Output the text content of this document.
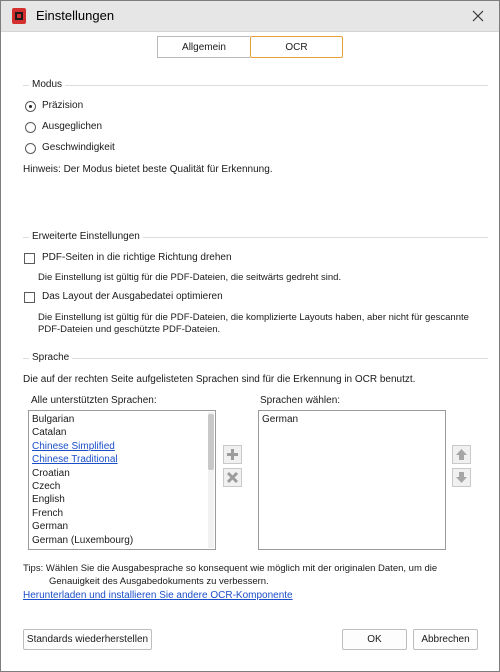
Einstellungen
Allgemein	OCR
Modus
Präzision
Ausgeglichen
Geschwindigkeit
Hinweis: Der Modus bietet beste Qualität für Erkennung.
Erweiterte Einstellungen
PDF-Seiten in die richtige Richtung drehen
Die Einstellung ist gültig für die PDF-Dateien, die seitwärts gedreht sind.
Das Layout der Ausgabedatei optimieren
Die Einstellung ist gültig für die PDF-Dateien, die komplizierte Layouts haben, aber nicht für gescannte
PDF-Dateien und geschützte PDF-Dateien.
Sprache
Die auf der rechten Seite aufgelisteten Sprachen sind für die Erkennung in OCR benutzt.
Alle unterstützten Sprachen:
Bulgarian
Catalan
Chinese Simplified
Chinese Traditional
Croatian
Czech
English
French
German
German (Luxembourg)
Sprachen wählen:
German
Tips: Wählen Sie die Ausgabesprache so konsequent wie möglich mit der originalen Daten, um die
Genauigkeit des Ausgabedokuments zu verbessern.
Herunterladen und installieren Sie andere OCR-Komponente
Standards wiederherstellen	OK	Abbrechen
